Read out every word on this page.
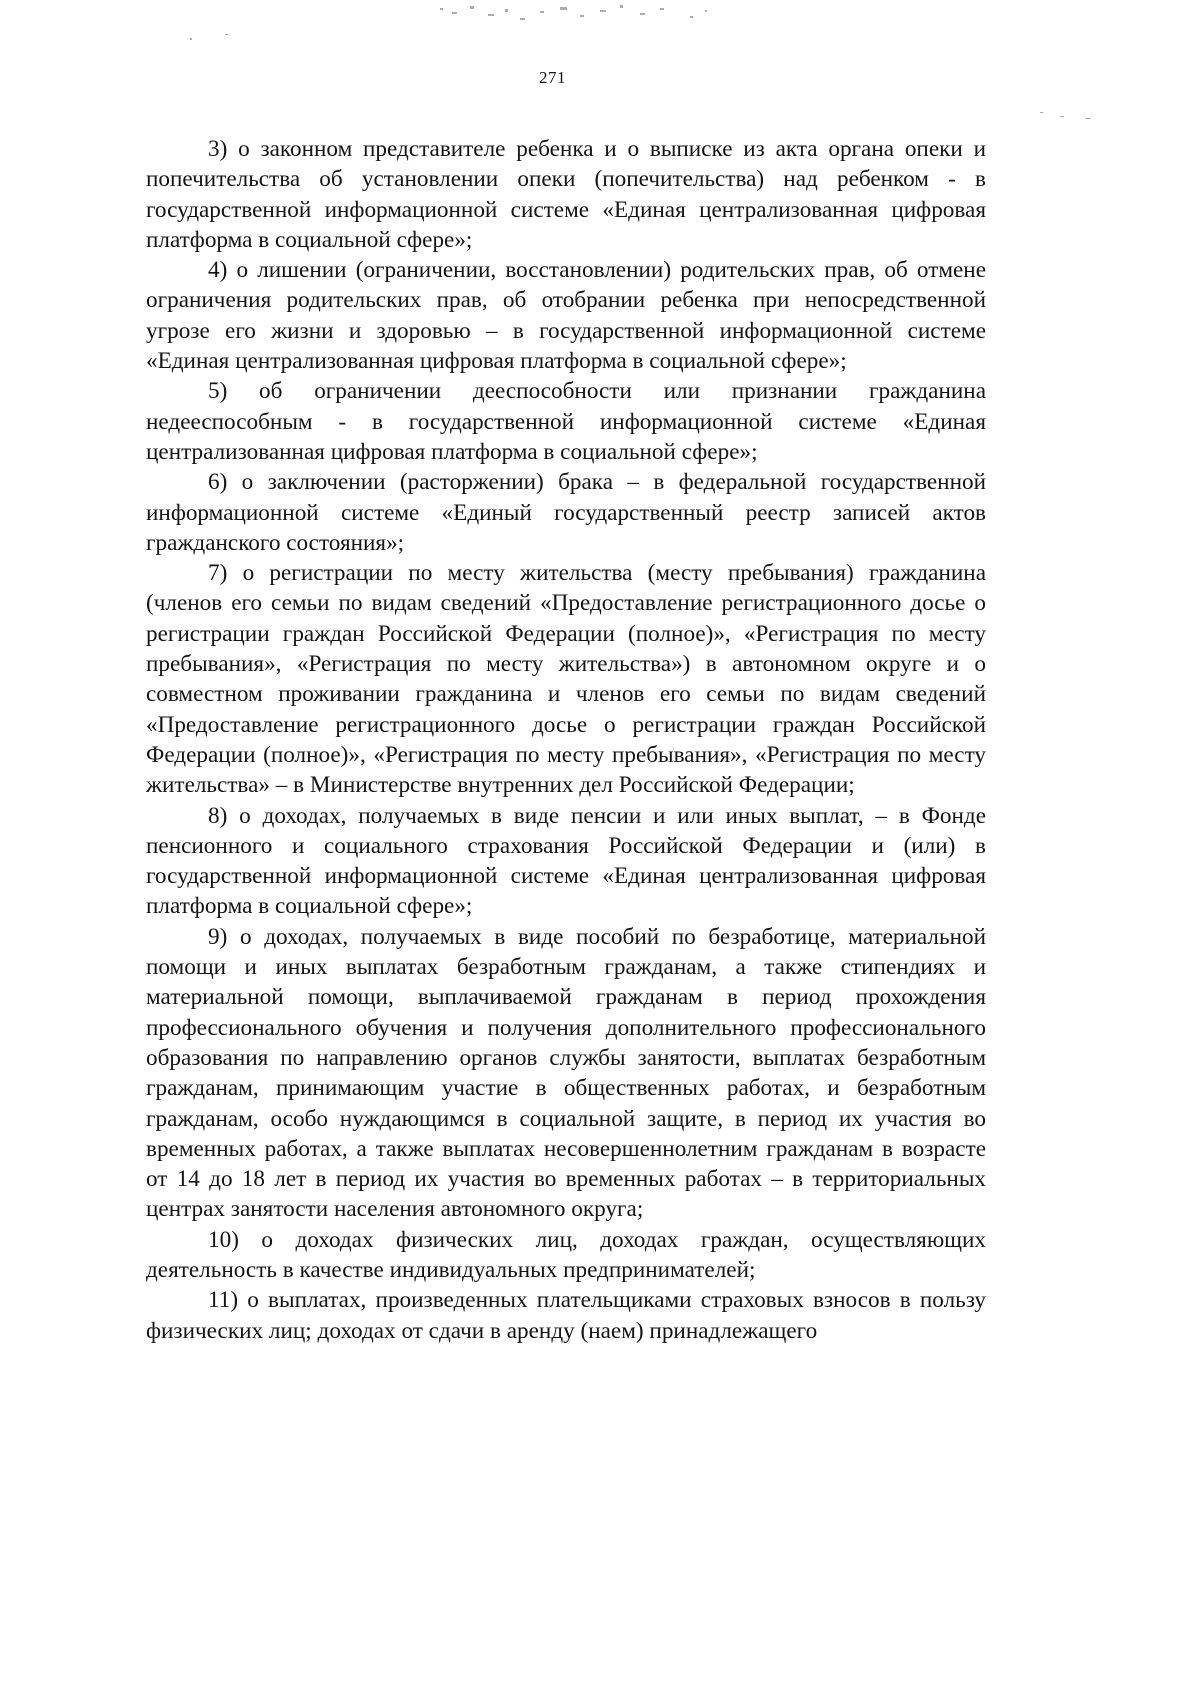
271

3) о законном представителе ребенка и о выписке из акта органа опеки и попечительства об установлении опеки (попечительства) над ребенком - в государственной информационной системе «Единая централизованная цифровая платформа в социальной сфере»;

4) о лишении (ограничении, восстановлении) родительских прав, об отмене ограничения родительских прав, об отобрании ребенка при непосредственной угрозе его жизни и здоровью – в государственной информационной системе «Единая централизованная цифровая платформа в социальной сфере»;

5) об ограничении дееспособности или признании гражданина недееспособным - в государственной информационной системе «Единая централизованная цифровая платформа в социальной сфере»;

6) о заключении (расторжении) брака – в федеральной государственной информационной системе «Единый государственный реестр записей актов гражданского состояния»;

7) о регистрации по месту жительства (месту пребывания) гражданина (членов его семьи по видам сведений «Предоставление регистрационного досье о регистрации граждан Российской Федерации (полное)», «Регистрация по месту пребывания», «Регистрация по месту жительства») в автономном округе и о совместном проживании гражданина и членов его семьи по видам сведений «Предоставление регистрационного досье о регистрации граждан Российской Федерации (полное)», «Регистрация по месту пребывания», «Регистрация по месту жительства» – в Министерстве внутренних дел Российской Федерации;

8) о доходах, получаемых в виде пенсии и или иных выплат, – в Фонде пенсионного и социального страхования Российской Федерации и (или) в государственной информационной системе «Единая централизованная цифровая платформа в социальной сфере»;

9) о доходах, получаемых в виде пособий по безработице, материальной помощи и иных выплатах безработным гражданам, а также стипендиях и материальной помощи, выплачиваемой гражданам в период прохождения профессионального обучения и получения дополнительного профессионального образования по направлению органов службы занятости, выплатах безработным гражданам, принимающим участие в общественных работах, и безработным гражданам, особо нуждающимся в социальной защите, в период их участия во временных работах, а также выплатах несовершеннолетним гражданам в возрасте от 14 до 18 лет в период их участия во временных работах – в территориальных центрах занятости населения автономного округа;

10) о доходах физических лиц, доходах граждан, осуществляющих деятельность в качестве индивидуальных предпринимателей;

11) о выплатах, произведенных плательщиками страховых взносов в пользу физических лиц; доходах от сдачи в аренду (наем) принадлежащего
